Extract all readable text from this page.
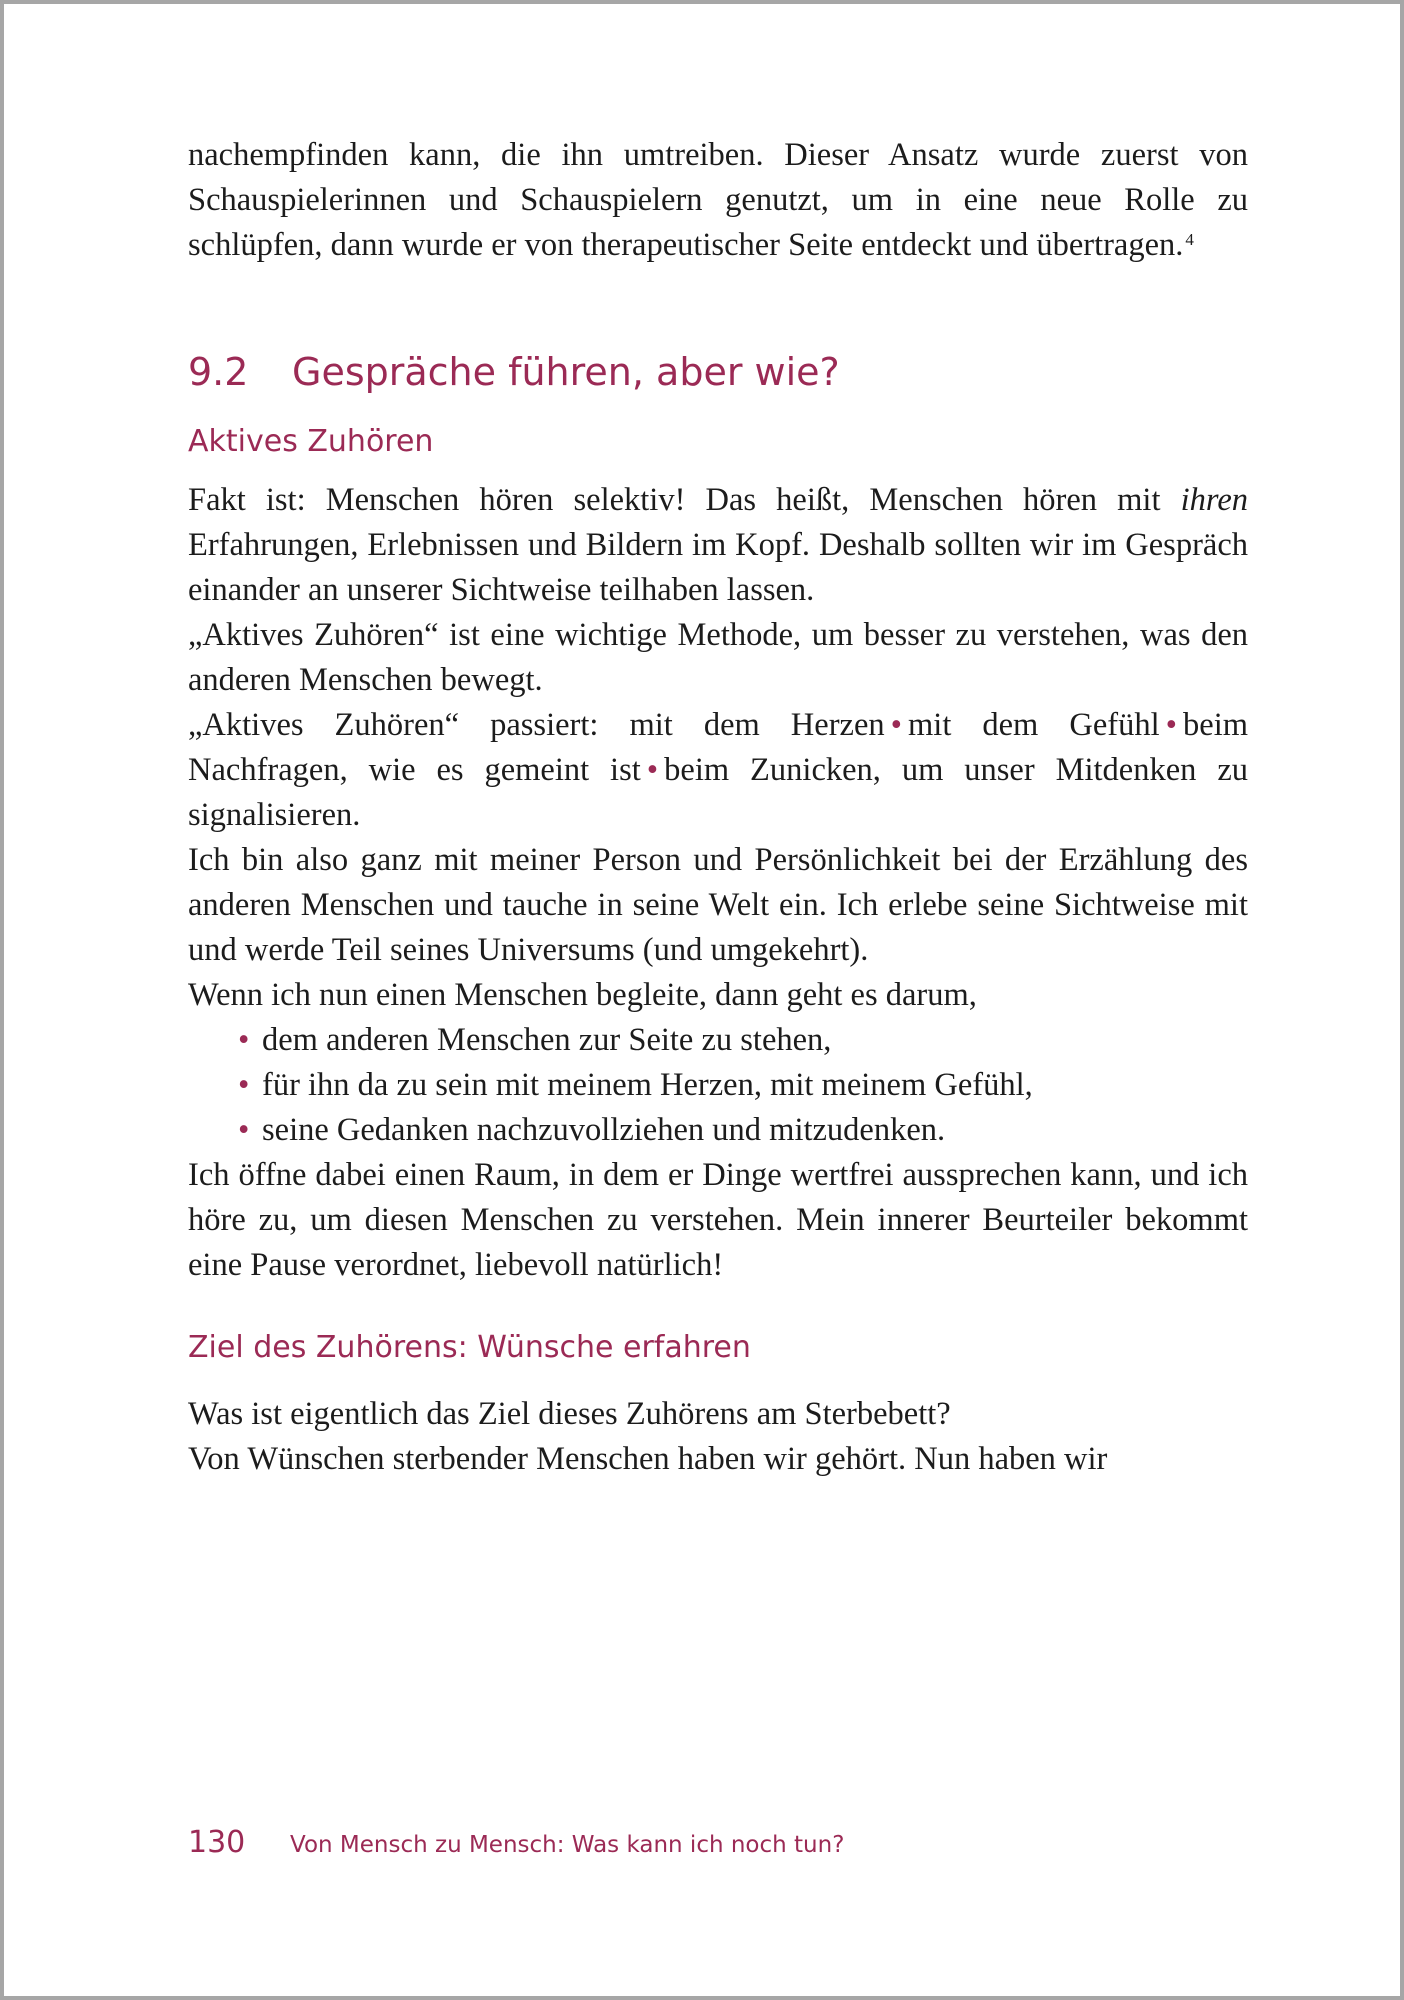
nachempfinden kann, die ihn umtreiben. Dieser Ansatz wurde zuerst von Schauspielerinnen und Schauspielern genutzt, um in eine neue Rolle zu schlüpfen, dann wurde er von therapeutischer Seite entdeckt und übertragen. $^4$

9.2 Gespräche führen, aber wie?
Aktives Zuhören

Fakt ist: Menschen hören selektiv! Das heißt, Menschen hören mit ihren Erfahrungen, Erlebnissen und Bildern im Kopf. Deshalb sollten wir im Gespräch einander an unserer Sichtweise teilhaben lassen.

„Aktives Zuhören“ ist eine wichtige Methode, um besser zu verstehen, was den anderen Menschen bewegt.

„Aktives Zuhören“ passiert: mit dem Herzen • mit dem Gefühl • beim Nachfragen, wie es gemeint ist • beim Zunicken, um unser Mitdenken zu signalisieren.

Ich bin also ganz mit meiner Person und Persönlichkeit bei der Erzählung des anderen Menschen und tauche in seine Welt ein. Ich erlebe seine Sichtweise mit und werde Teil seines Universums (und umgekehrt).

Wenn ich nun einen Menschen begleite, dann geht es darum,

• dem anderen Menschen zur Seite zu stehen,
• für ihn da zu sein mit meinem Herzen, mit meinem Gefühl,
• seine Gedanken nachzuvollziehen und mitzudenken.

Ich öffne dabei einen Raum, in dem er Dinge wertfrei aussprechen kann, und ich höre zu, um diesen Menschen zu verstehen. Mein innerer Beurteiler bekommt eine Pause verordnet, liebevoll natürlich!

Ziel des Zuhörens: Wünsche erfahren

Was ist eigentlich das Ziel dieses Zuhörens am Sterbebett?

Von Wünschen sterbender Menschen haben wir gehört. Nun haben wir

130 Von Mensch zu Mensch: Was kann ich noch tun?
